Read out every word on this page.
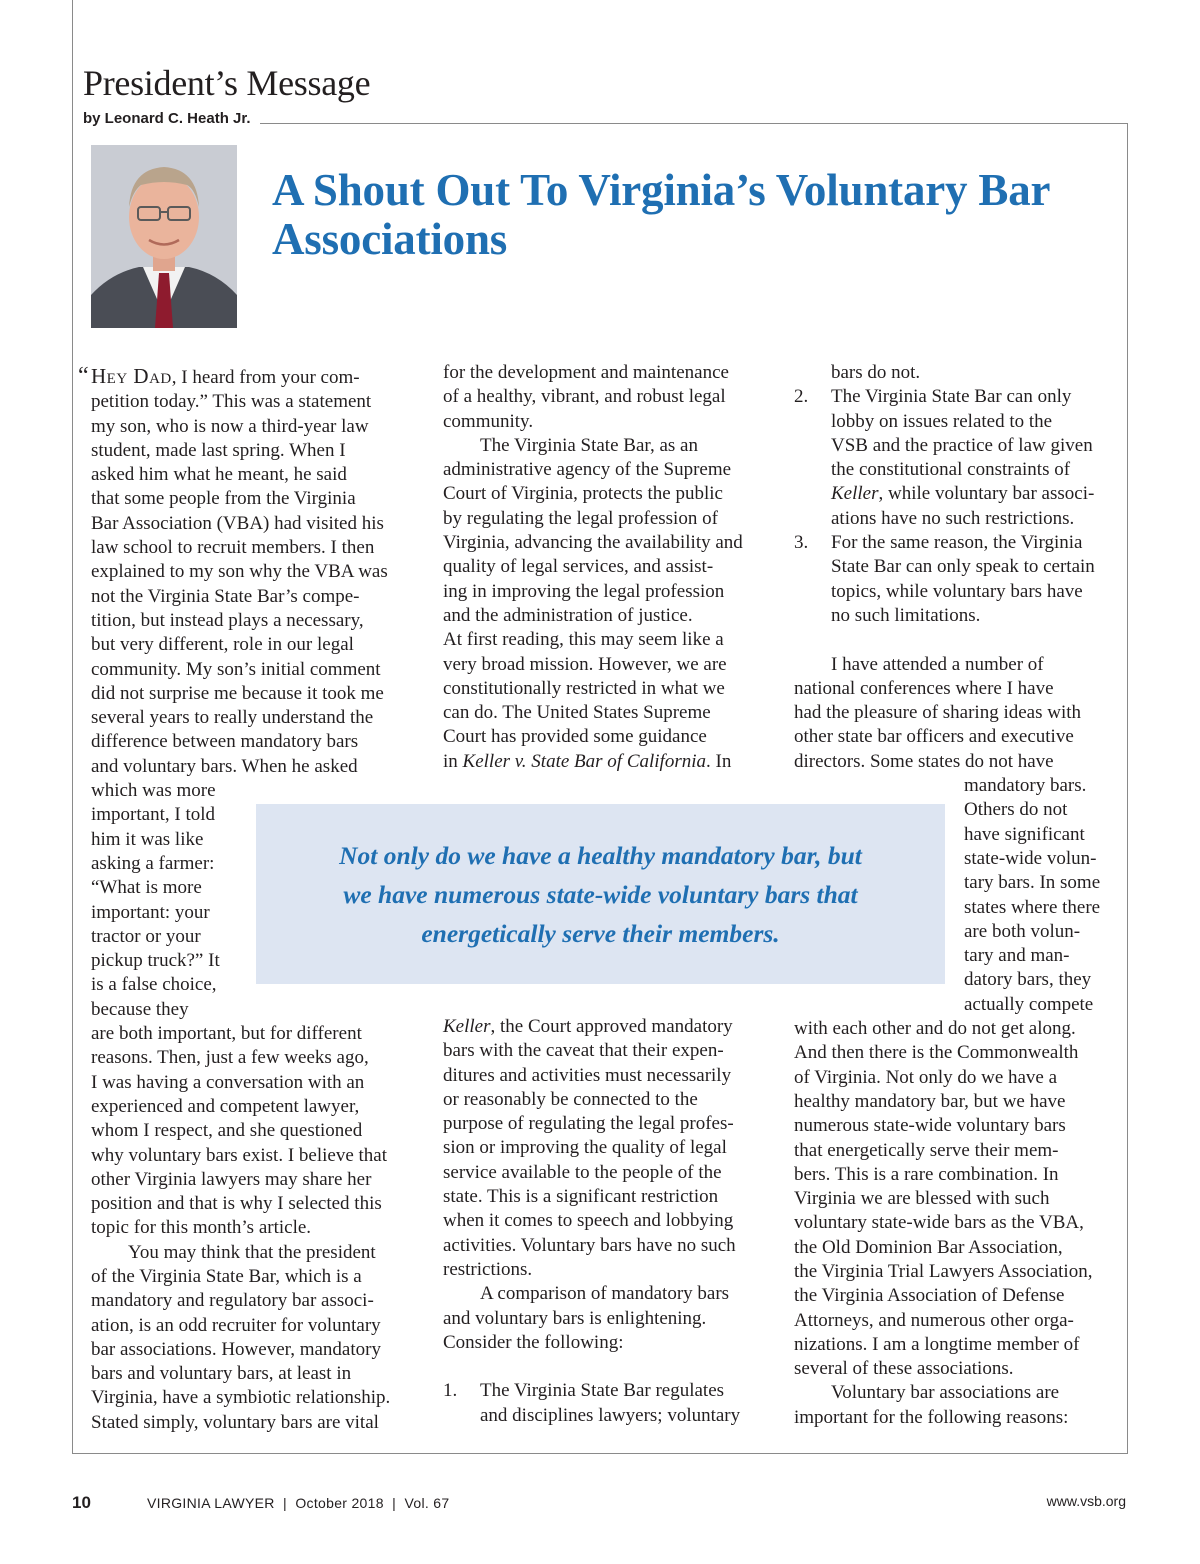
President’s Message
by Leonard C. Heath Jr.
A Shout Out To Virginia’s Voluntary Bar
Associations
“ Hey Dad, I heard from your com-
petition today.” This was a statement
my son, who is now a third-year law
student, made last spring. When I
asked him what he meant, he said
that some people from the Virginia
Bar Association (VBA) had visited his
law school to recruit members. I then
explained to my son why the VBA was
not the Virginia State Bar’s compe-
tition, but instead plays a necessary,
but very different, role in our legal
community. My son’s initial comment
did not surprise me because it took me
several years to really understand the
difference between mandatory bars
and voluntary bars. When he asked
which was more
important, I told
him it was like
asking a farmer:
“What is more
important: your
tractor or your
pickup truck?” It
is a false choice,
because they
are both important, but for different
reasons. Then, just a few weeks ago,
I was having a conversation with an
experienced and competent lawyer,
whom I respect, and she questioned
why voluntary bars exist. I believe that
other Virginia lawyers may share her
position and that is why I selected this
topic for this month’s article.
You may think that the president
of the Virginia State Bar, which is a
mandatory and regulatory bar associ-
ation, is an odd recruiter for voluntary
bar associations. However, mandatory
bars and voluntary bars, at least in
Virginia, have a symbiotic relationship.
Stated simply, voluntary bars are vital
for the development and maintenance
of a healthy, vibrant, and robust legal
community.
The Virginia State Bar, as an
administrative agency of the Supreme
Court of Virginia, protects the public
by regulating the legal profession of
Virginia, advancing the availability and
quality of legal services, and assist-
ing in improving the legal profession
and the administration of justice.
At first reading, this may seem like a
very broad mission. However, we are
constitutionally restricted in what we
can do. The United States Supreme
Court has provided some guidance
in Keller v. State Bar of California. In
Not only do we have a healthy mandatory bar, but
we have numerous state-wide voluntary bars that
energetically serve their members.
Keller, the Court approved mandatory
bars with the caveat that their expen-
ditures and activities must necessarily
or reasonably be connected to the
purpose of regulating the legal profes-
sion or improving the quality of legal
service available to the people of the
state. This is a significant restriction
when it comes to speech and lobbying
activities. Voluntary bars have no such
restrictions.
A comparison of mandatory bars
and voluntary bars is enlightening.
Consider the following:
1. The Virginia State Bar regulates
and disciplines lawyers; voluntary
bars do not.
2. The Virginia State Bar can only
lobby on issues related to the
VSB and the practice of law given
the constitutional constraints of
Keller, while voluntary bar associ-
ations have no such restrictions.
3. For the same reason, the Virginia
State Bar can only speak to certain
topics, while voluntary bars have
no such limitations.
I have attended a number of
national conferences where I have
had the pleasure of sharing ideas with
other state bar officers and executive
directors. Some states do not have
mandatory bars.
Others do not
have significant
state-wide volun-
tary bars. In some
states where there
are both volun-
tary and man-
datory bars, they
actually compete
with each other and do not get along.
And then there is the Commonwealth
of Virginia. Not only do we have a
healthy mandatory bar, but we have
numerous state-wide voluntary bars
that energetically serve their mem-
bers. This is a rare combination. In
Virginia we are blessed with such
voluntary state-wide bars as the VBA,
the Old Dominion Bar Association,
the Virginia Trial Lawyers Association,
the Virginia Association of Defense
Attorneys, and numerous other orga-
nizations. I am a longtime member of
several of these associations.
Voluntary bar associations are
important for the following reasons:
10	VIRGINIA LAWYER  |  October 2018  |  Vol. 67	www.vsb.org
